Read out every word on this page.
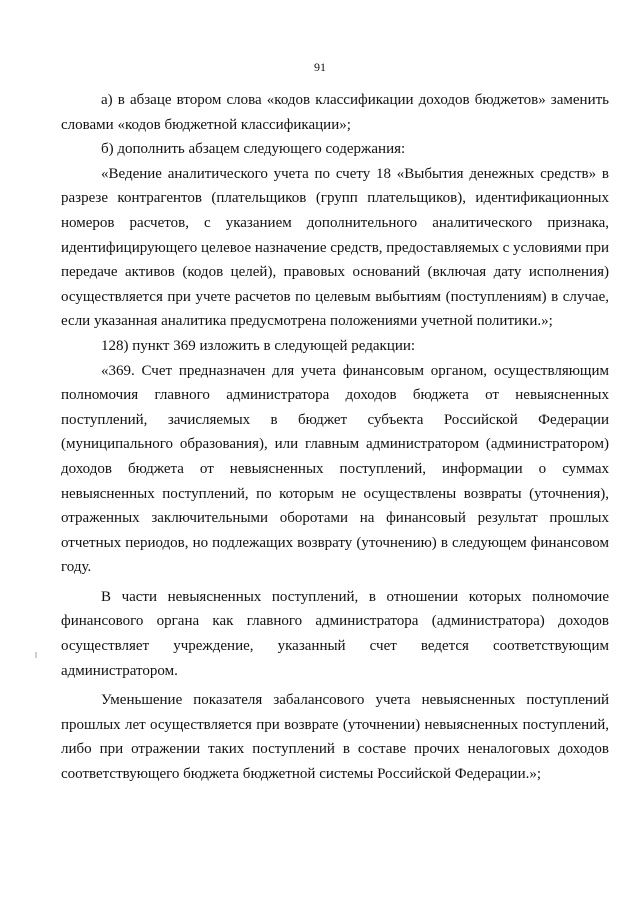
91

а) в абзаце втором слова «кодов классификации доходов бюджетов» заменить словами «кодов бюджетной классификации»;

б) дополнить абзацем следующего содержания:

«Ведение аналитического учета по счету 18 «Выбытия денежных средств» в разрезе контрагентов (плательщиков (групп плательщиков), идентификационных номеров расчетов, с указанием дополнительного аналитического признака, идентифицирующего целевое назначение средств, предоставляемых с условиями при передаче активов (кодов целей), правовых оснований (включая дату исполнения) осуществляется при учете расчетов по целевым выбытиям (поступлениям) в случае, если указанная аналитика предусмотрена положениями учетной политики.»;

128) пункт 369 изложить в следующей редакции:

«369. Счет предназначен для учета финансовым органом, осуществляющим полномочия главного администратора доходов бюджета от невыясненных поступлений, зачисляемых в бюджет субъекта Российской Федерации (муниципального образования), или главным администратором (администратором) доходов бюджета от невыясненных поступлений, информации о суммах невыясненных поступлений, по которым не осуществлены возвраты (уточнения), отраженных заключительными оборотами на финансовый результат прошлых отчетных периодов, но подлежащих возврату (уточнению) в следующем финансовом году.

В части невыясненных поступлений, в отношении которых полномочие финансового органа как главного администратора (администратора) доходов осуществляет учреждение, указанный счет ведется соответствующим администратором.

Уменьшение показателя забалансового учета невыясненных поступлений прошлых лет осуществляется при возврате (уточнении) невыясненных поступлений, либо при отражении таких поступлений в составе прочих неналоговых доходов соответствующего бюджета бюджетной системы Российской Федерации.»;
